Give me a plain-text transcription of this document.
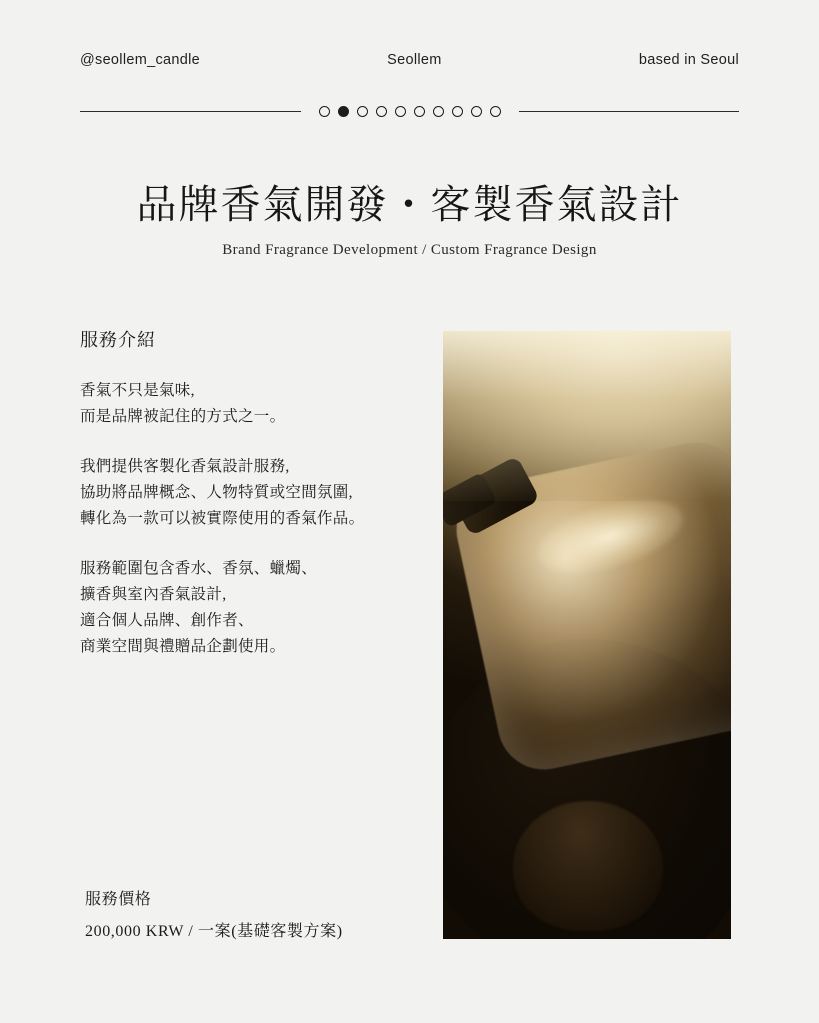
@seollem_candle	Seollem	based in Seoul
品牌香氣開發・客製香氣設計
Brand Fragrance Development / Custom Fragrance Design
服務介紹

香氣不只是氣味,
而是品牌被記住的方式之一。

我們提供客製化香氣設計服務,
協助將品牌概念、人物特質或空間氛圍,
轉化為一款可以被實際使用的香氣作品。

服務範圍包含香水、香氛、蠟燭、
擴香與室內香氣設計,
適合個人品牌、創作者、
商業空間與禮贈品企劃使用。

服務價格
200,000 KRW / 一案(基礎客製方案)
